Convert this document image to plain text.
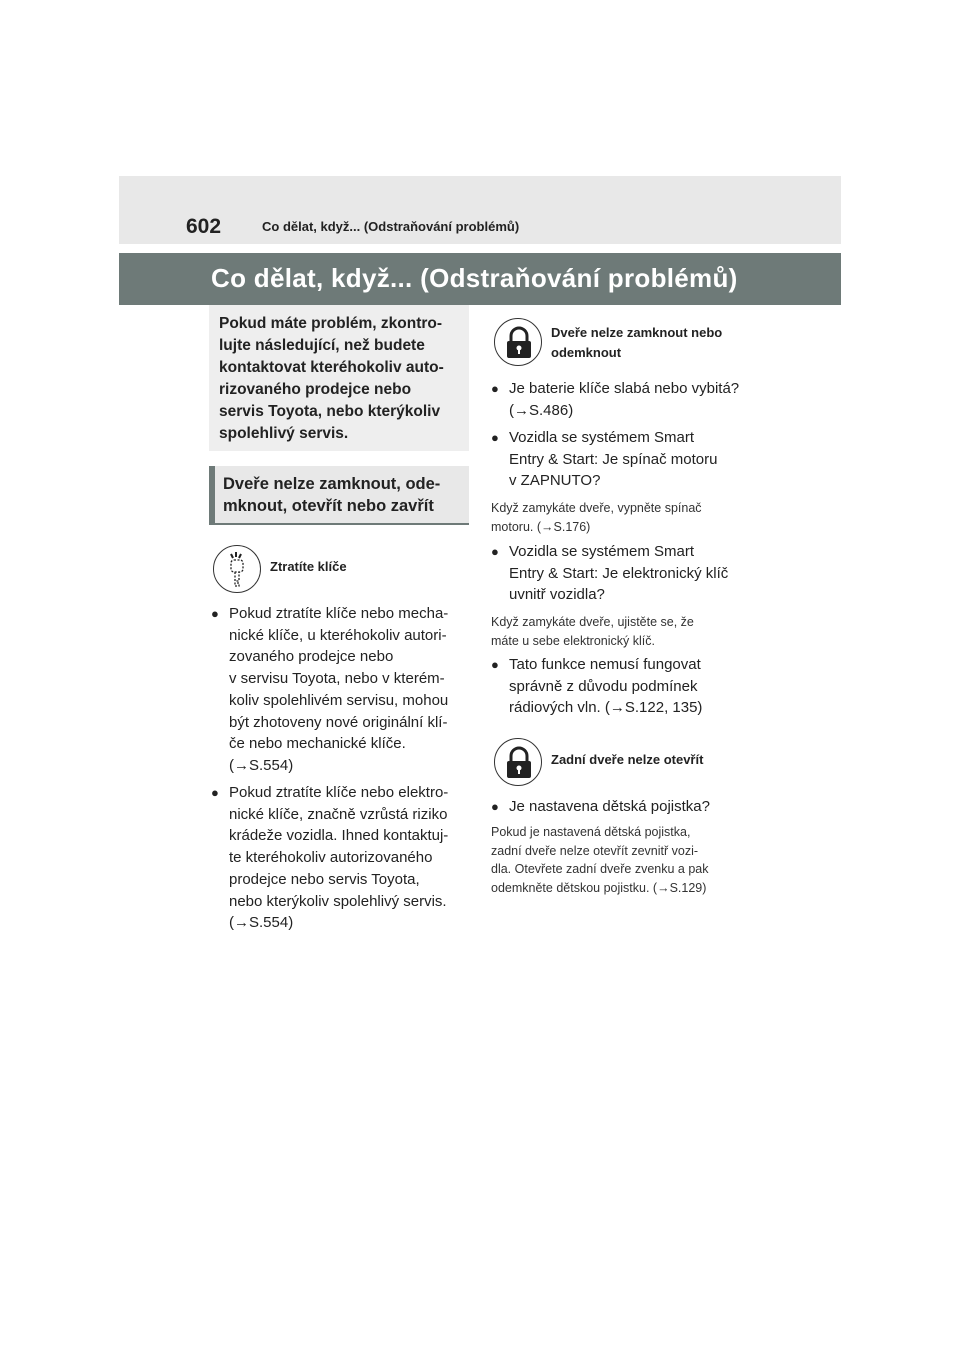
602	Co dělat, když... (Odstraňování problémů)
Co dělat, když... (Odstraňování problémů)
Pokud máte problém, zkontro-
lujte následující, než budete
kontaktovat kteréhokoliv auto-
rizovaného prodejce nebo
servis Toyota, nebo kterýkoliv
spolehlivý servis.
Dveře nelze zamknout, ode-
mknout, otevřít nebo zavřít
Ztratíte klíče
● Pokud ztratíte klíče nebo mecha-
nické klíče, u kteréhokoliv autori-
zovaného prodejce nebo
v servisu Toyota, nebo v kterém-
koliv spolehlivém servisu, mohou
být zhotoveny nové originální klí-
če nebo mechanické klíče.
(→S.554)
● Pokud ztratíte klíče nebo elektro-
nické klíče, značně vzrůstá riziko
krádeže vozidla. Ihned kontaktuj-
te kteréhokoliv autorizovaného
prodejce nebo servis Toyota,
nebo kterýkoliv spolehlivý servis.
(→S.554)
Dveře nelze zamknout nebo
odemknout
● Je baterie klíče slabá nebo vybitá?
(→S.486)
● Vozidla se systémem Smart
Entry & Start: Je spínač motoru
v ZAPNUTO?
Když zamykáte dveře, vypněte spínač
motoru. (→S.176)
● Vozidla se systémem Smart
Entry & Start: Je elektronický klíč
uvnitř vozidla?
Když zamykáte dveře, ujistěte se, že
máte u sebe elektronický klíč.
● Tato funkce nemusí fungovat
správně z důvodu podmínek
rádiových vln. (→S.122, 135)
Zadní dveře nelze otevřít
● Je nastavena dětská pojistka?
Pokud je nastavená dětská pojistka,
zadní dveře nelze otevřít zevnitř vozi-
dla. Otevřete zadní dveře zvenku a pak
odemkněte dětskou pojistku. (→S.129)
